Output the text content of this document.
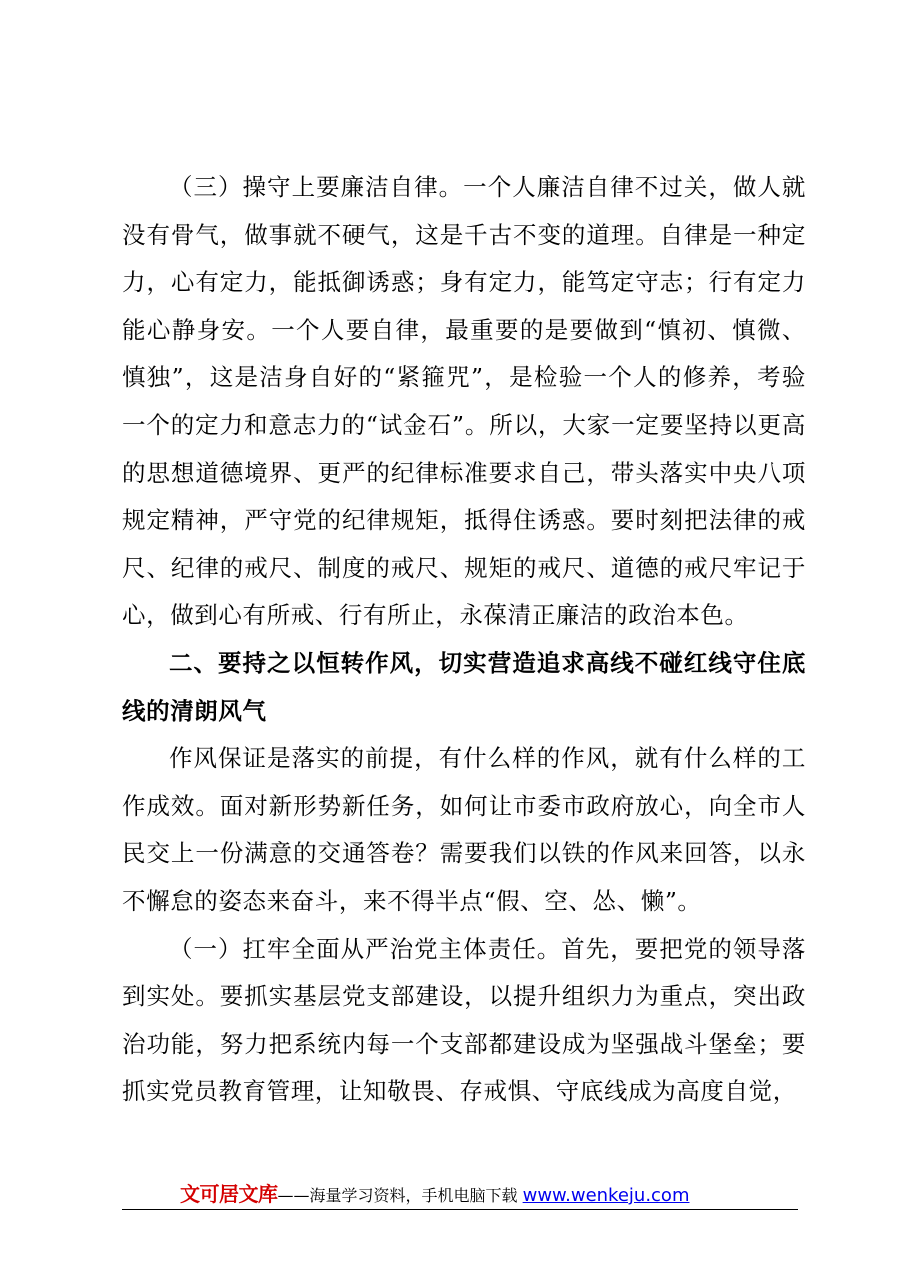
（三）操守上要廉洁自律。一个人廉洁自律不过关，做人就没有骨气，做事就不硬气，这是千古不变的道理。自律是一种定力，心有定力，能抵御诱惑；身有定力，能笃定守志；行有定力能心静身安。一个人要自律，最重要的是要做到“慎初、慎微、慎独”，这是洁身自好的“紧箍咒”，是检验一个人的修养，考验一个的定力和意志力的“试金石”。所以，大家一定要坚持以更高的思想道德境界、更严的纪律标准要求自己，带头落实中央八项规定精神，严守党的纪律规矩，抵得住诱惑。要时刻把法律的戒尺、纪律的戒尺、制度的戒尺、规矩的戒尺、道德的戒尺牢记于心，做到心有所戒、行有所止，永葆清正廉洁的政治本色。

二、要持之以恒转作风，切实营造追求高线不碰红线守住底线的清朗风气

作风保证是落实的前提，有什么样的作风，就有什么样的工作成效。面对新形势新任务，如何让市委市政府放心，向全市人民交上一份满意的交通答卷？需要我们以铁的作风来回答，以永不懈怠的姿态来奋斗，来不得半点“假、空、怂、懒”。

（一）扛牢全面从严治党主体责任。首先，要把党的领导落到实处。要抓实基层党支部建设，以提升组织力为重点，突出政治功能，努力把系统内每一个支部都建设成为坚强战斗堡垒；要抓实党员教育管理，让知敬畏、存戒惧、守底线成为高度自觉，

文可居文库——海量学习资料，手机电脑下载 www.wenkeju.com
